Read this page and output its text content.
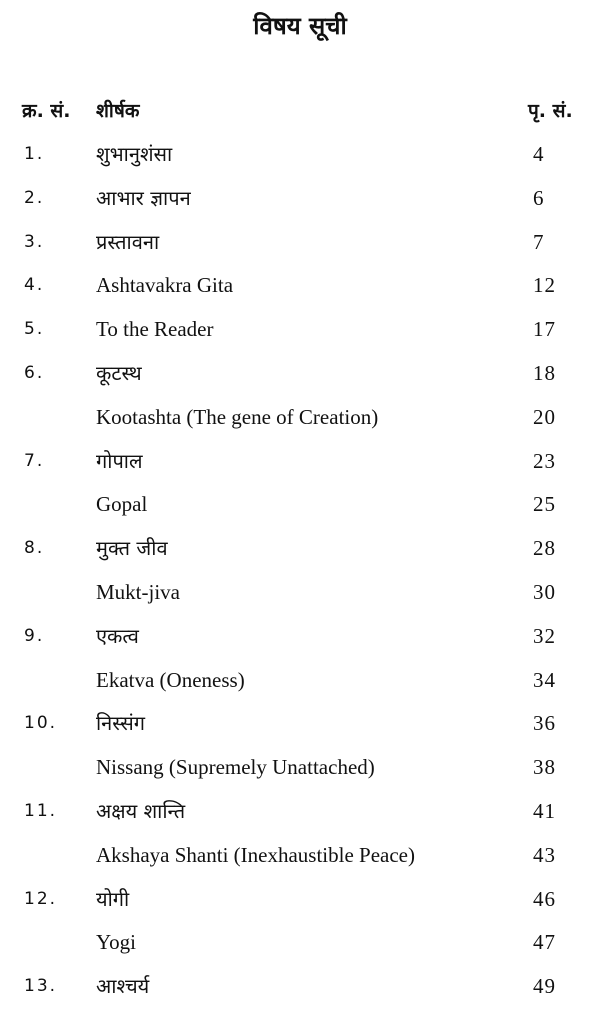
विषय सूची
क्र. सं. शीर्षक	पृ. सं.
1.	शुभानुशंसा	4
2.	आभार ज्ञापन	6
3.	प्रस्तावना	7
4. Ashtavakra Gita	12
5. To the Reader	17
6.	कूटस्थ	18
Kootashta (The gene of Creation)	20
7.	गोपाल	23
Gopal	25
8.	मुक्त जीव	28
Mukt-jiva	30
9.	एकत्व	32
Ekatva (Oneness)	34
10. निस्संग	36
Nissang (Supremely Unattached)	38
11. अक्षय शान्ति	41
Akshaya Shanti (Inexhaustible Peace)	43
12. योगी	46
Yogi	47
13. आश्चर्य	49
